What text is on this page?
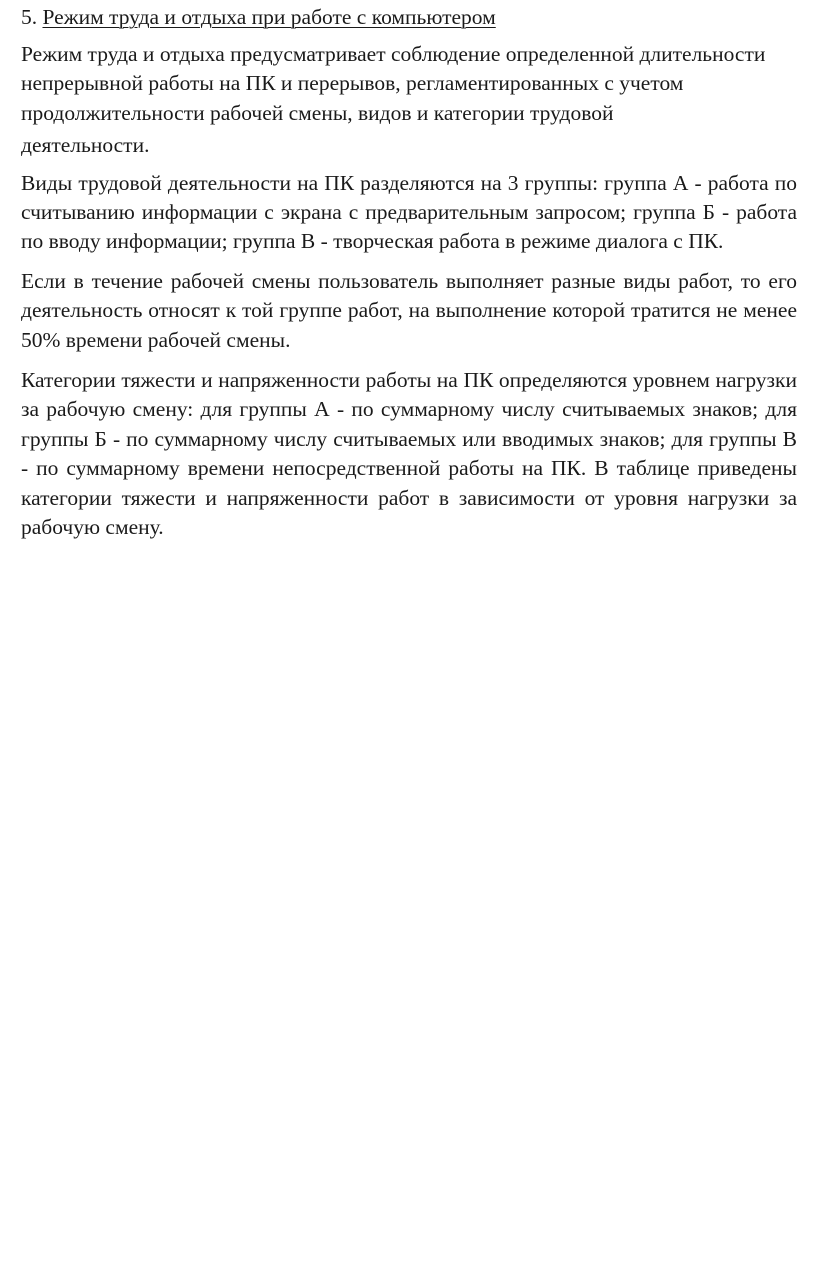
5. Режим труда и отдыха при работе с компьютером

Режим труда и отдыха предусматривает соблюдение определенной длительности непрерывной работы на ПК и перерывов, регламентированных с учетом продолжительности рабочей смены, видов и категории трудовой
деятельности.

Виды трудовой деятельности на ПК разделяются на 3 группы: группа А - работа по считыванию информации с экрана с предварительным запросом; группа Б - работа по вводу информации; группа В - творческая работа в режиме диалога с ПК.

Если в течение рабочей смены пользователь выполняет разные виды работ, то его деятельность относят к той группе работ, на выполнение которой тратится не менее 50% времени рабочей смены.

Категории тяжести и напряженности работы на ПК определяются уровнем нагрузки за рабочую смену: для группы А - по суммарному числу считываемых знаков; для группы Б - по суммарному числу считываемых или вводимых знаков; для группы В - по суммарному времени непосредственной работы на ПК. В таблице приведены категории тяжести и напряженности работ в зависимости от уровня нагрузки за рабочую смену.
